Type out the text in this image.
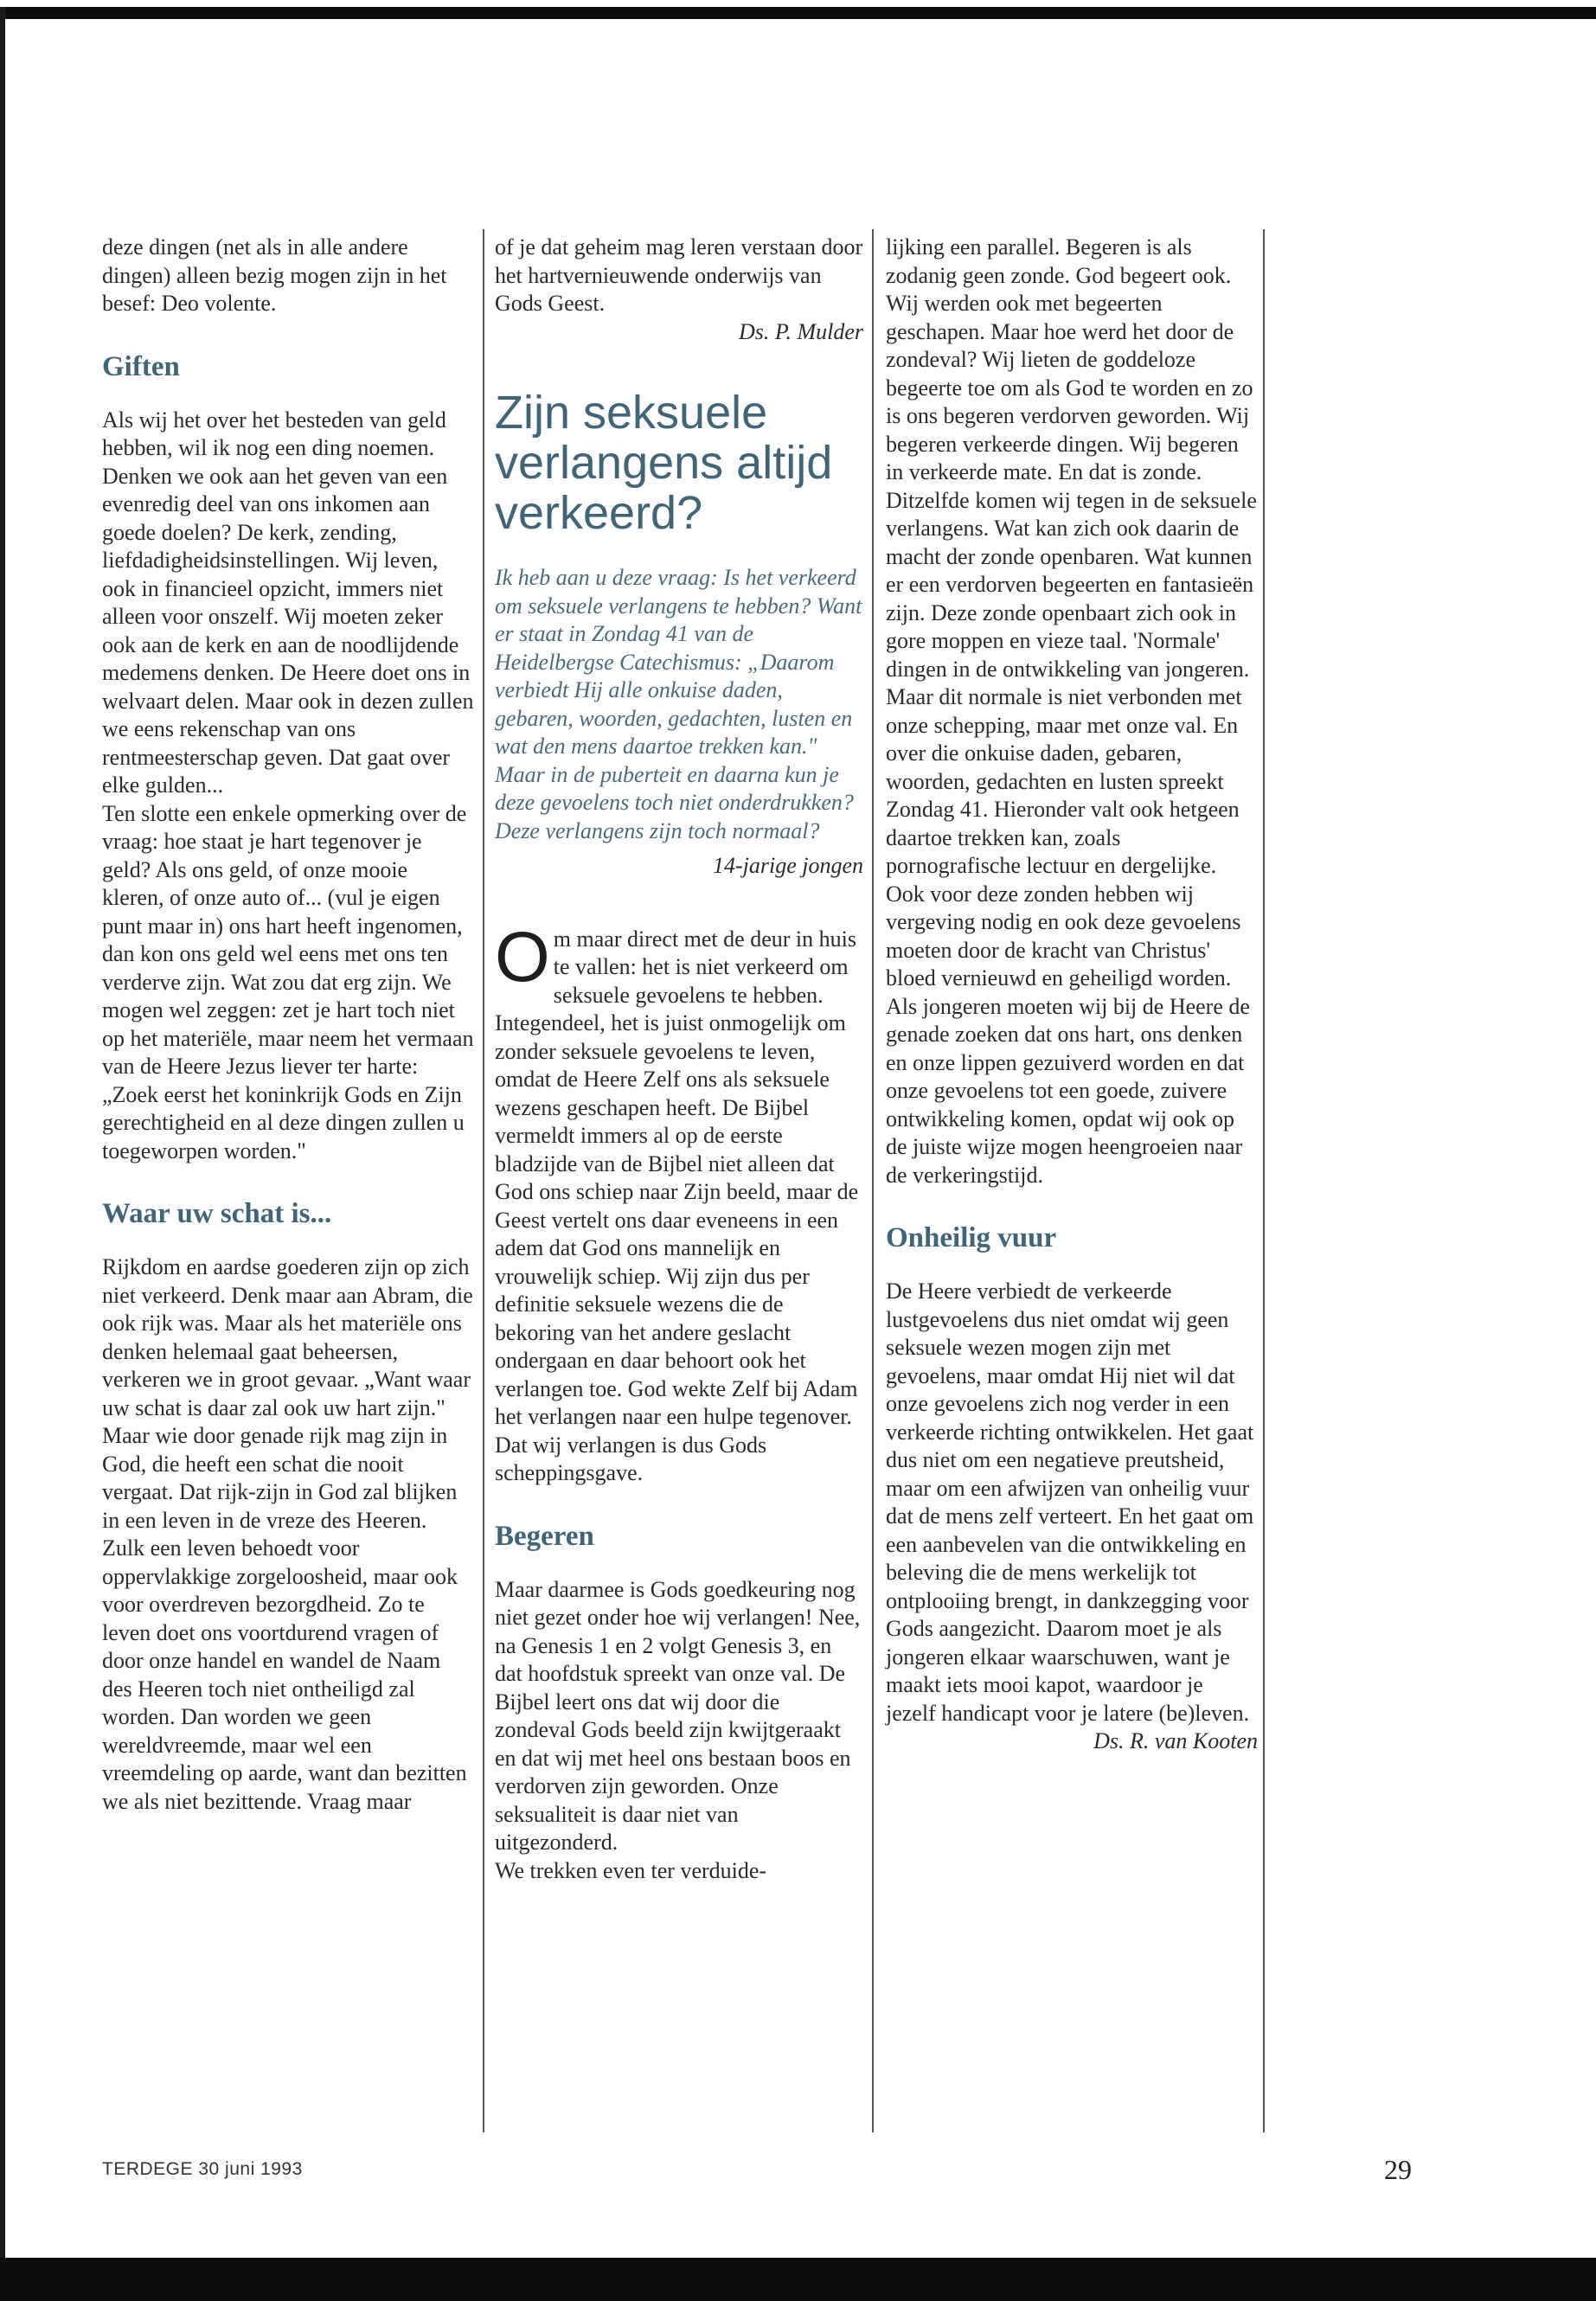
deze dingen (net als in alle andere dingen) alleen bezig mogen zijn in het besef: Deo volente.

Giften

Als wij het over het besteden van geld hebben, wil ik nog een ding noemen. Denken we ook aan het geven van een evenredig deel van ons inkomen aan goede doelen? De kerk, zending, liefdadigheidsinstellingen. Wij leven, ook in financieel opzicht, immers niet alleen voor onszelf. Wij moeten zeker ook aan de kerk en aan de noodlijdende medemens denken. De Heere doet ons in welvaart delen. Maar ook in dezen zullen we eens rekenschap van ons rentmeesterschap geven. Dat gaat over elke gulden...

Ten slotte een enkele opmerking over de vraag: hoe staat je hart tegenover je geld? Als ons geld, of onze mooie kleren, of onze auto of... (vul je eigen punt maar in) ons hart heeft ingenomen, dan kon ons geld wel eens met ons ten verderve zijn. Wat zou dat erg zijn. We mogen wel zeggen: zet je hart toch niet op het materiële, maar neem het vermaan van de Heere Jezus liever ter harte: „Zoek eerst het koninkrijk Gods en Zijn gerechtigheid en al deze dingen zullen u toegeworpen worden."

Waar uw schat is...

Rijkdom en aardse goederen zijn op zich niet verkeerd. Denk maar aan Abram, die ook rijk was. Maar als het materiële ons denken helemaal gaat beheersen, verkeren we in groot gevaar. „Want waar uw schat is daar zal ook uw hart zijn."

Maar wie door genade rijk mag zijn in God, die heeft een schat die nooit vergaat. Dat rijk-zijn in God zal blijken in een leven in de vreze des Heeren. Zulk een leven behoedt voor oppervlakkige zorgeloosheid, maar ook voor overdreven bezorgdheid. Zo te leven doet ons voortdurend vragen of door onze handel en wandel de Naam des Heeren toch niet ontheiligd zal worden. Dan worden we geen wereldvreemde, maar wel een vreemdeling op aarde, want dan bezitten we als niet bezittende. Vraag maar

of je dat geheim mag leren verstaan door het hartvernieuwende onderwijs van Gods Geest.

Ds. P. Mulder

Zijn seksuele verlangens altijd verkeerd?

Ik heb aan u deze vraag: Is het verkeerd om seksuele verlangens te hebben? Want er staat in Zondag 41 van de Heidelbergse Catechismus: „Daarom verbiedt Hij alle onkuise daden, gebaren, woorden, gedachten, lusten en wat den mens daartoe trekken kan." Maar in de puberteit en daarna kun je deze gevoelens toch niet onderdrukken? Deze verlangens zijn toch normaal?

14-jarige jongen

Om maar direct met de deur in huis te vallen: het is niet verkeerd om seksuele gevoelens te hebben. Integendeel, het is juist onmogelijk om zonder seksuele gevoelens te leven, omdat de Heere Zelf ons als seksuele wezens geschapen heeft. De Bijbel vermeldt immers al op de eerste bladzijde van de Bijbel niet alleen dat God ons schiep naar Zijn beeld, maar de Geest vertelt ons daar eveneens in een adem dat God ons mannelijk en vrouwelijk schiep. Wij zijn dus per definitie seksuele wezens die de bekoring van het andere geslacht ondergaan en daar behoort ook het verlangen toe. God wekte Zelf bij Adam het verlangen naar een hulpe tegenover. Dat wij verlangen is dus Gods scheppingsgave.

Begeren

Maar daarmee is Gods goedkeuring nog niet gezet onder hoe wij verlangen! Nee, na Genesis 1 en 2 volgt Genesis 3, en dat hoofdstuk spreekt van onze val. De Bijbel leert ons dat wij door die zondeval Gods beeld zijn kwijtgeraakt en dat wij met heel ons bestaan boos en verdorven zijn geworden. Onze seksualiteit is daar niet van uitgezonderd.

We trekken even ter verduide-

lijking een parallel. Begeren is als zodanig geen zonde. God begeert ook. Wij werden ook met begeerten geschapen. Maar hoe werd het door de zondeval? Wij lieten de goddeloze begeerte toe om als God te worden en zo is ons begeren verdorven geworden. Wij begeren verkeerde dingen. Wij begeren in verkeerde mate. En dat is zonde.

Ditzelfde komen wij tegen in de seksuele verlangens. Wat kan zich ook daarin de macht der zonde openbaren. Wat kunnen er een verdorven begeerten en fantasieën zijn. Deze zonde openbaart zich ook in gore moppen en vieze taal. 'Normale' dingen in de ontwikkeling van jongeren. Maar dit normale is niet verbonden met onze schepping, maar met onze val. En over die onkuise daden, gebaren, woorden, gedachten en lusten spreekt Zondag 41. Hieronder valt ook hetgeen daartoe trekken kan, zoals pornografische lectuur en dergelijke.

Ook voor deze zonden hebben wij vergeving nodig en ook deze gevoelens moeten door de kracht van Christus' bloed vernieuwd en geheiligd worden.

Als jongeren moeten wij bij de Heere de genade zoeken dat ons hart, ons denken en onze lippen gezuiverd worden en dat onze gevoelens tot een goede, zuivere ontwikkeling komen, opdat wij ook op de juiste wijze mogen heengroeien naar de verkeringstijd.

Onheilig vuur

De Heere verbiedt de verkeerde lustgevoelens dus niet omdat wij geen seksuele wezen mogen zijn met gevoelens, maar omdat Hij niet wil dat onze gevoelens zich nog verder in een verkeerde richting ontwikkelen. Het gaat dus niet om een negatieve preutsheid, maar om een afwijzen van onheilig vuur dat de mens zelf verteert. En het gaat om een aanbevelen van die ontwikkeling en beleving die de mens werkelijk tot ontplooiing brengt, in dankzegging voor Gods aangezicht. Daarom moet je als jongeren elkaar waarschuwen, want je maakt iets mooi kapot, waardoor je jezelf handicapt voor je latere (be)leven.

Ds. R. van Kooten

TERDEGE 30 juni 1993	29
